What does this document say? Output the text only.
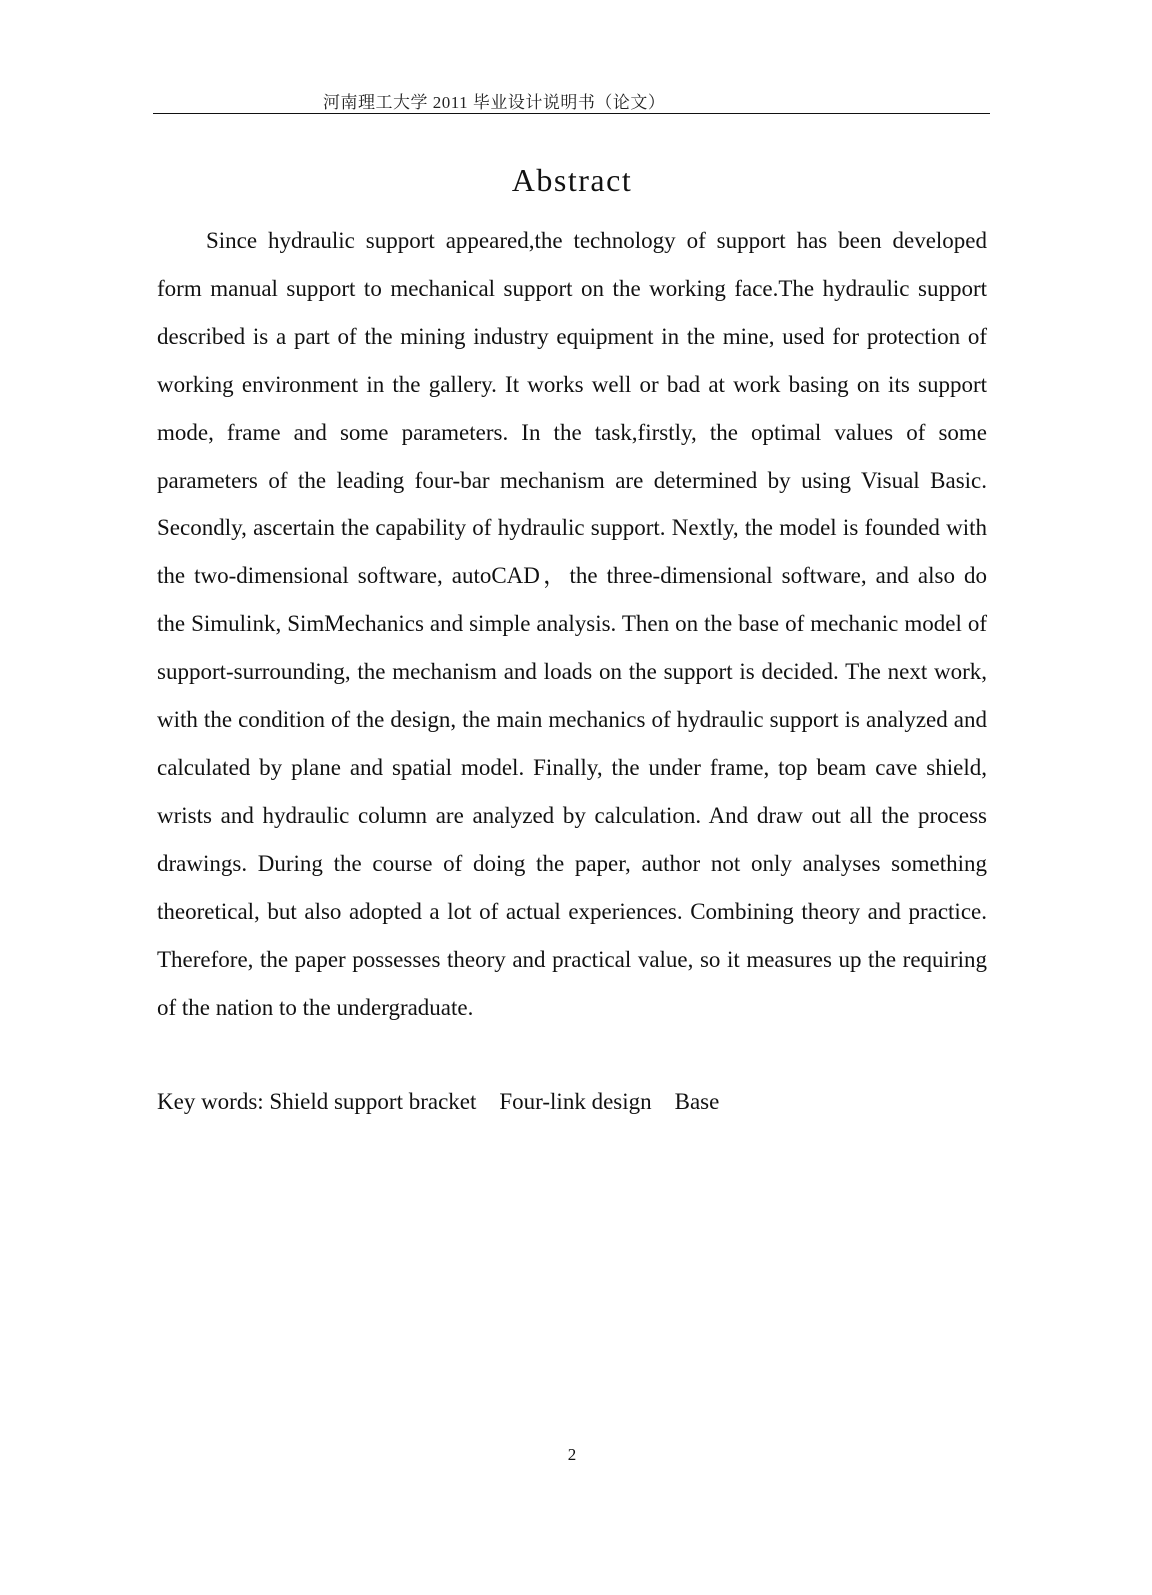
河南理工大学 2011 毕业设计说明书（论文）
Abstract

Since hydraulic support appeared,the technology of support has been developed form manual support to mechanical support on the working face.The hydraulic support described is a part of the mining industry equipment in the mine, used for protection of working environment in the gallery. It works well or bad at work basing on its support mode, frame and some parameters. In the task,firstly, the optimal values of some parameters of the leading four-bar mechanism are determined by using Visual Basic. Secondly, ascertain the capability of hydraulic support. Nextly, the model is founded with the two-dimensional software, autoCAD，the three-dimensional software, and also do the Simulink, SimMechanics and simple analysis. Then on the base of mechanic model of support-surrounding, the mechanism and loads on the support is decided. The next work, with the condition of the design, the main mechanics of hydraulic support is analyzed and calculated by plane and spatial model. Finally, the under frame, top beam cave shield, wrists and hydraulic column are analyzed by calculation. And draw out all the process drawings. During the course of doing the paper, author not only analyses something theoretical, but also adopted a lot of actual experiences. Combining theory and practice. Therefore, the paper possesses theory and practical value, so it measures up the requiring of the nation to the undergraduate.

Key words: Shield support bracket    Four-link design    Base

2
